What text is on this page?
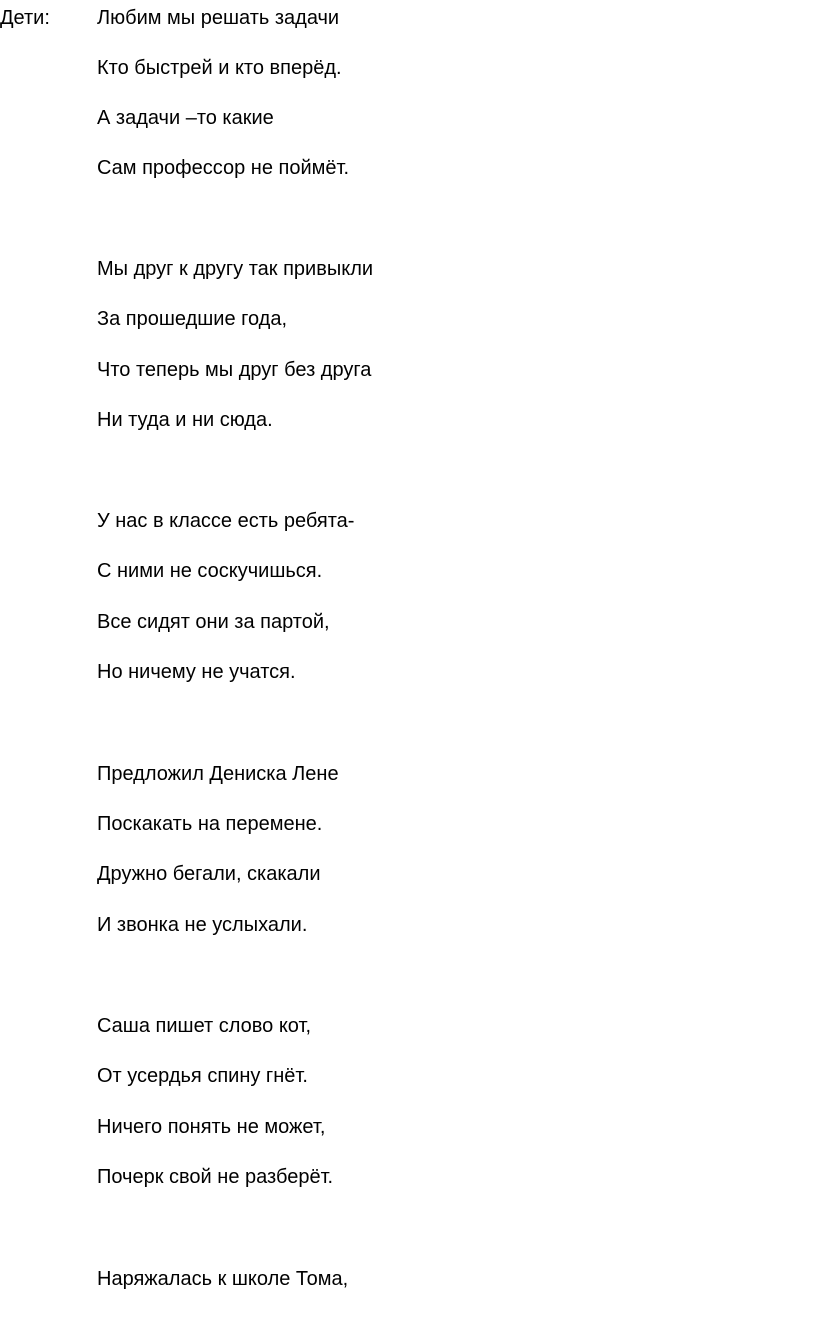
Дети: Любим мы решать задачи
Кто быстрей и кто вперёд.
А задачи –то какие
Сам профессор не поймёт.
Мы друг к другу так привыкли
За прошедшие года,
Что теперь мы друг без друга
Ни туда и ни сюда.
У нас в классе есть ребята-
С ними не соскучишься.
Все сидят они за партой,
Но ничему не учатся.
Предложил Дениска Лене
Поскакать на перемене.
Дружно бегали, скакали
И звонка не услыхали.
Саша пишет слово кот,
От усердья спину гнёт.
Ничего понять не может,
Почерк свой не разберёт.
Наряжалась к школе Тома,
